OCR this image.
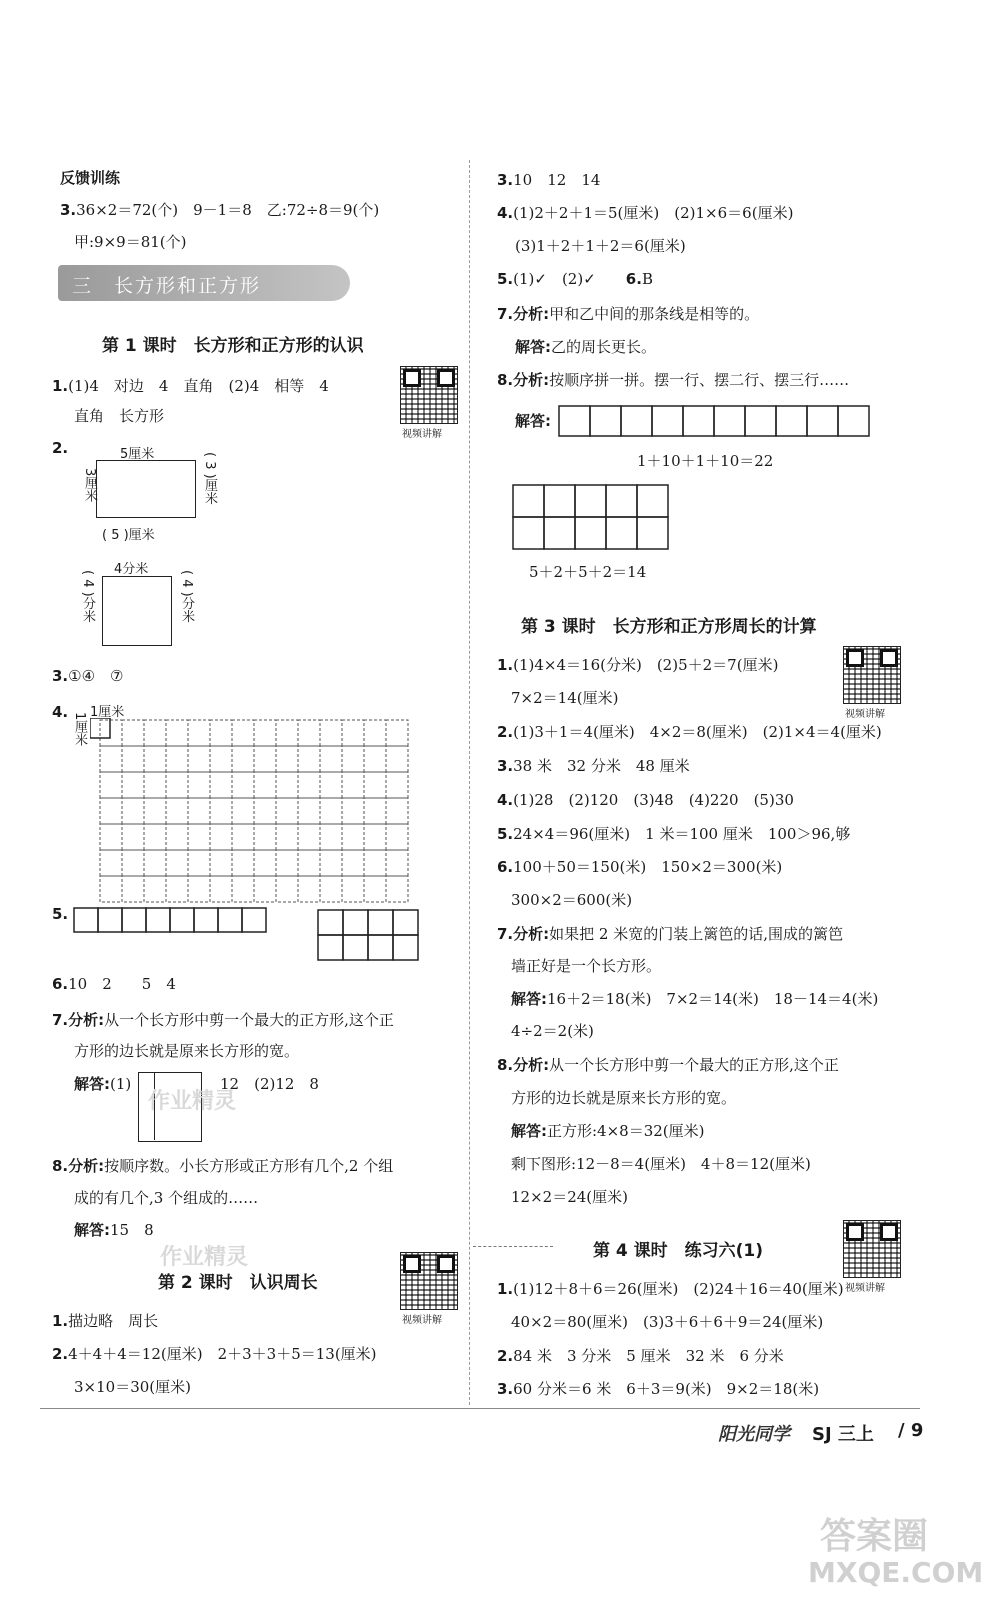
反馈训练
3.36×2＝72(个)　9－1＝8　乙:72÷8＝9(个)
甲:9×9＝81(个)
三　长方形和正方形
第 1 课时　长方形和正方形的认识
1.(1)4　对边　4　直角　(2)4　相等　4
直角　长方形
视频讲解
2.	5厘米
3厘米	( 3 )厘米
( 5 )厘米
4分米
( 4 )分米	( 4 )分米
3.①④　⑦
4. 1厘米
1厘米
5.
6.10　2　　5　4
7.分析:从一个长方形中剪一个最大的正方形,这个正
方形的边长就是原来长方形的宽。
解答:(1)	12　(2)12　8
8.分析:按顺序数。小长方形或正方形有几个,2 个组
成的有几个,3 个组成的……
解答:15　8
第 2 课时　认识周长
视频讲解
1.描边略　周长
2.4＋4＋4＝12(厘米)　2＋3＋3＋5＝13(厘米)
3×10＝30(厘米)
3.10　12　14
4.(1)2＋2＋1＝5(厘米)　(2)1×6＝6(厘米)
(3)1＋2＋1＋2＝6(厘米)
5.(1)✓　(2)✓　　 6.B
7.分析:甲和乙中间的那条线是相等的。
解答:乙的周长更长。
8.分析:按顺序拼一拼。摆一行、摆二行、摆三行……
解答:
1＋10＋1＋10＝22
5＋2＋5＋2＝14
第 3 课时　长方形和正方形周长的计算
1.(1)4×4＝16(分米)　(2)5＋2＝7(厘米)
7×2＝14(厘米)
视频讲解
2.(1)3＋1＝4(厘米)　4×2＝8(厘米)　(2)1×4＝4(厘米)
3.38 米　32 分米　48 厘米
4.(1)28　(2)120　(3)48　(4)220　(5)30
5.24×4＝96(厘米)　1 米＝100 厘米　100＞96,够
6.100＋50＝150(米)　150×2＝300(米)
300×2＝600(米)
7.分析:如果把 2 米宽的门装上篱笆的话,围成的篱笆
墙正好是一个长方形。
解答:16＋2＝18(米)　7×2＝14(米)　18－14＝4(米)
4÷2＝2(米)
8.分析:从一个长方形中剪一个最大的正方形,这个正
方形的边长就是原来长方形的宽。
解答:正方形:4×8＝32(厘米)
剩下图形:12－8＝4(厘米)　4＋8＝12(厘米)
12×2＝24(厘米)
第 4 课时　练习六(1)
视频讲解
1.(1)12＋8＋6＝26(厘米)　(2)24＋16＝40(厘米)
40×2＝80(厘米)　(3)3＋6＋6＋9＝24(厘米)
2.84 米　3 分米　5 厘米　32 米　6 分米
3.60 分米＝6 米　6＋3＝9(米)　9×2＝18(米)
阳光同学 SJ 三上 / 9
作业精灵
作业精灵
答案圈
MXQE.COM
